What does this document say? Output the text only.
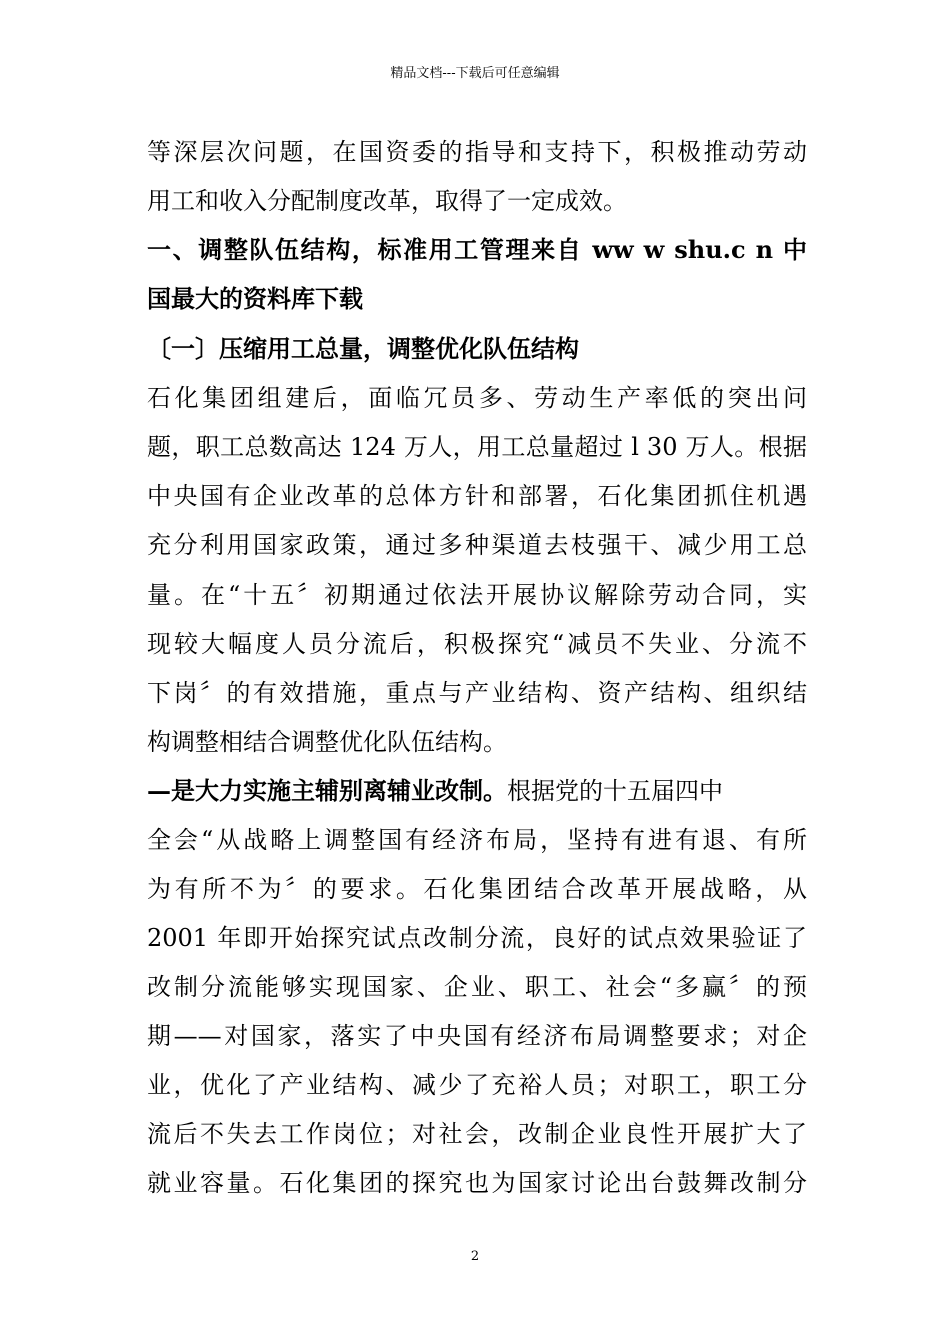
精品文档---下载后可任意编辑
等深层次问题，在国资委的指导和支持下，积极推动劳动
用工和收入分配制度改革，取得了一定成效。
一、调整队伍结构，标准用工管理来自 ww w shu.c n 中
国最大的资料库下载
〔一〕压缩用工总量，调整优化队伍结构
石化集团组建后，面临冗员多、劳动生产率低的突出问
题，职工总数高达 124 万人，用工总量超过 l 30 万人。根据
中央国有企业改革的总体方针和部署，石化集团抓住机遇
充分利用国家政策，通过多种渠道去枝强干、减少用工总
量。在“十五〞初期通过依法开展协议解除劳动合同，实
现较大幅度人员分流后，积极探究“减员不失业、分流不
下岗〞的有效措施，重点与产业结构、资产结构、组织结
构调整相结合调整优化队伍结构。
—是大力实施主辅别离辅业改制。根据党的十五届四中
全会“从战略上调整国有经济布局，坚持有进有退、有所
为有所不为〞的要求。石化集团结合改革开展战略，从
2001 年即开始探究试点改制分流，良好的试点效果验证了
改制分流能够实现国家、企业、职工、社会“多赢〞的预
期——对国家，落实了中央国有经济布局调整要求；对企
业，优化了产业结构、减少了充裕人员；对职工，职工分
流后不失去工作岗位；对社会，改制企业良性开展扩大了
就业容量。石化集团的探究也为国家讨论出台鼓舞改制分
2
